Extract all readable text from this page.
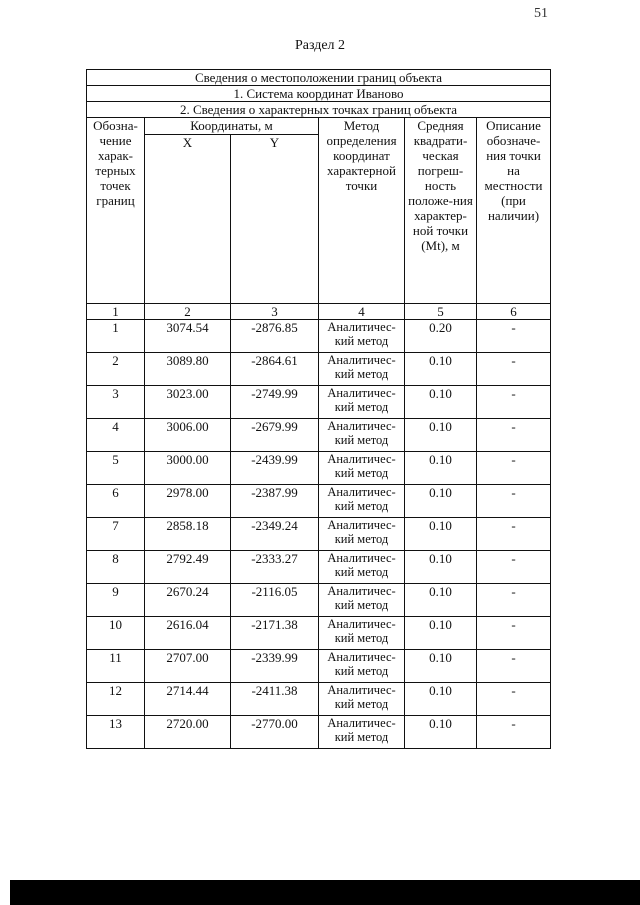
51
Раздел 2
Сведения о местоположении границ объекта					
1. Система координат Иваново					
2. Сведения о характерных точках границ объекта					
Обозна-чение харак-терных точек границ	Координаты, м		Метод определения координат характерной точки	Средняя квадрати-ческая погреш-ность положе-ния характер-ной точки (Mt), м	Описание обозначе-ния точки на местности (при наличии)
	X	Y			
1	2	3	4	5	6
1	3074.54	-2876.85	Аналитичес-кий метод	0.20	-
2	3089.80	-2864.61	Аналитичес-кий метод	0.10	-
3	3023.00	-2749.99	Аналитичес-кий метод	0.10	-
4	3006.00	-2679.99	Аналитичес-кий метод	0.10	-
5	3000.00	-2439.99	Аналитичес-кий метод	0.10	-
6	2978.00	-2387.99	Аналитичес-кий метод	0.10	-
7	2858.18	-2349.24	Аналитичес-кий метод	0.10	-
8	2792.49	-2333.27	Аналитичес-кий метод	0.10	-
9	2670.24	-2116.05	Аналитичес-кий метод	0.10	-
10	2616.04	-2171.38	Аналитичес-кий метод	0.10	-
11	2707.00	-2339.99	Аналитичес-кий метод	0.10	-
12	2714.44	-2411.38	Аналитичес-кий метод	0.10	-
13	2720.00	-2770.00	Аналитичес-кий метод	0.10	-
